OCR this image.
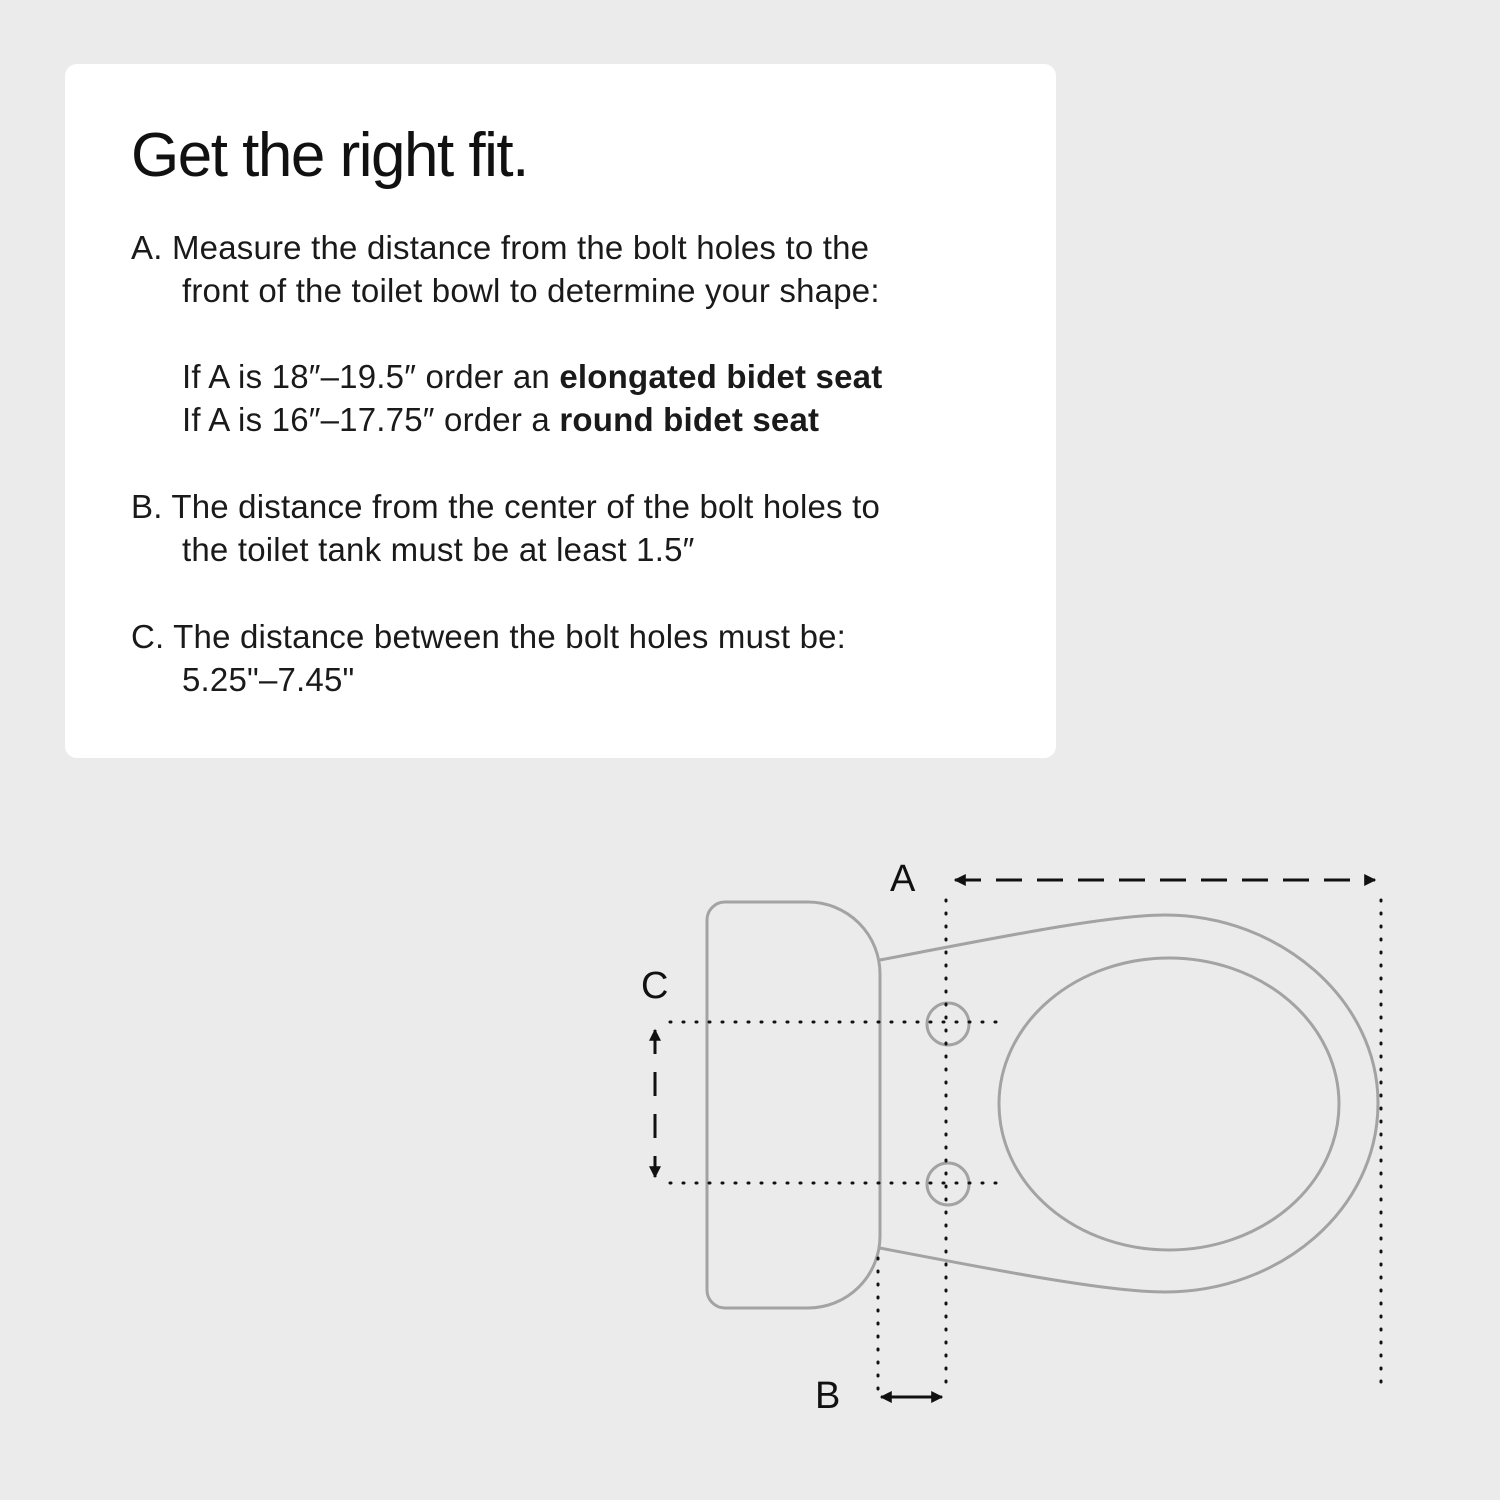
Get the right fit.
A. Measure the distance from the bolt holes to the
front of the toilet bowl to determine your shape:
If A is 18″–19.5″ order an elongated bidet seat
If A is 16″–17.75″ order a round bidet seat
B. The distance from the center of the bolt holes to
the toilet tank must be at least 1.5″
C. The distance between the bolt holes must be:
5.25"–7.45"
A
C
B
